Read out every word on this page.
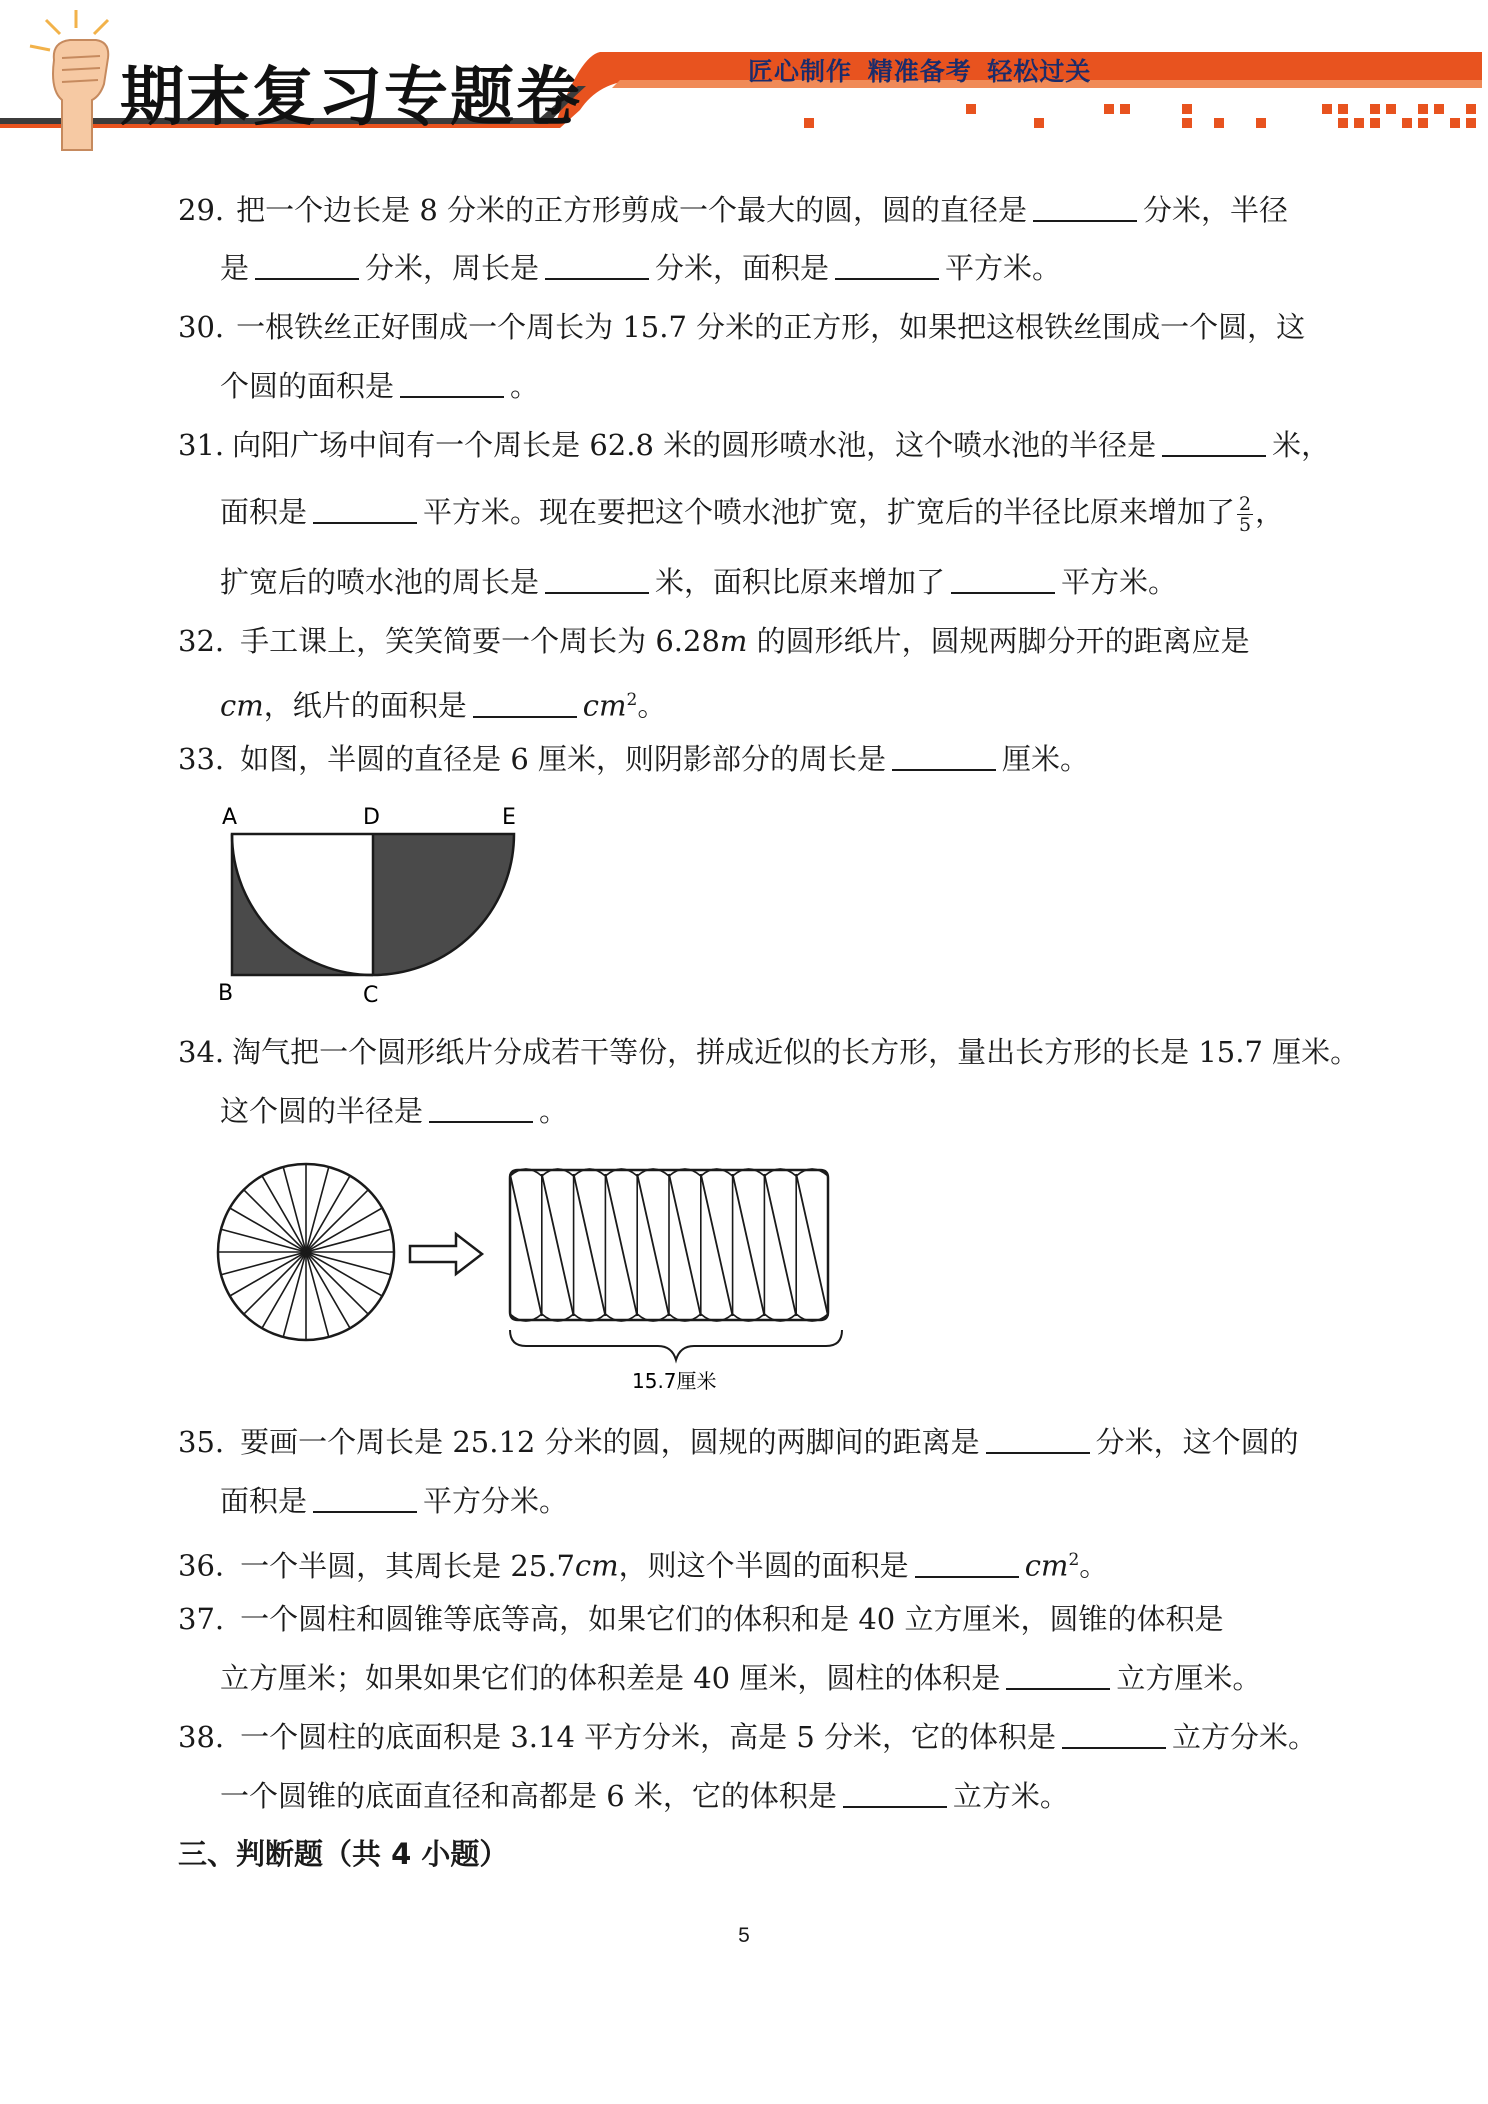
期末复习专题卷	匠心制作 精准备考 轻松过关
29. 把一个边长是 8 分米的正方形剪成一个最大的圆，圆的直径是	分米，半径
是	分米，周长是	分米，面积是	平方米。
30. 一根铁丝正好围成一个周长为 15.7 分米的正方形，如果把这根铁丝围成一个圆，这
个圆的面积是	。
31. 向阳广场中间有一个周长是 62.8 米的圆形喷水池，这个喷水池的半径是	米，
面积是	平方米。现在要把这个喷水池扩宽，扩宽后的半径比原来增加了 $\frac{2}{5}$ ，
扩宽后的喷水池的周长是	米，面积比原来增加了	平方米。
32. 手工课上，笑笑简要一个周长为 6.28m 的圆形纸片，圆规两脚分开的距离应是
cm，纸片的面积是	$cm^2$。
33. 如图，半圆的直径是 6 厘米，则阴影部分的周长是	厘米。
A	D	E
B	C
34. 淘气把一个圆形纸片分成若干等份，拼成近似的长方形，量出长方形的长是 15.7 厘米。
这个圆的半径是	。
15.7厘米
35. 要画一个周长是 25.12 分米的圆，圆规的两脚间的距离是	分米，这个圆的
面积是	平方分米。
36. 一个半圆，其周长是 25.7cm，则这个半圆的面积是	$cm^2$。
37. 一个圆柱和圆锥等底等高，如果它们的体积和是 40 立方厘米，圆锥的体积是
立方厘米；如果如果它们的体积差是 40 厘米，圆柱的体积是	立方厘米。
38. 一个圆柱的底面积是 3.14 平方分米，高是 5 分米，它的体积是	立方分米。
一个圆锥的底面直径和高都是 6 米，它的体积是	立方米。
三、判断题（共 4 小题）
5
